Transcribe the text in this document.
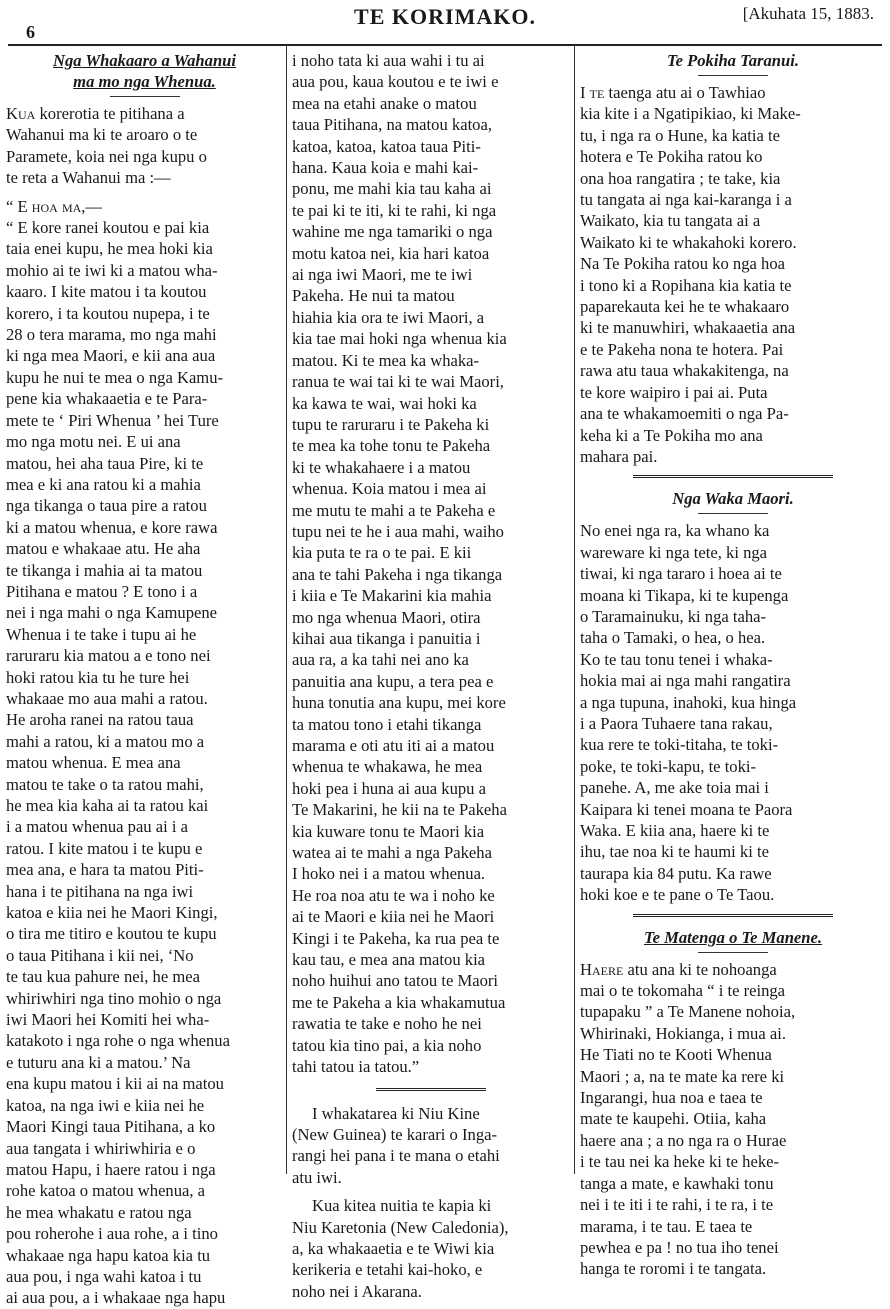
6
TE KORIMAKO.	[Akuhata 15, 1883.
Nga Whakaaro a Wahanui
ma mo nga Whenua.

Kua korerotia te pitihana a
Wahanui ma ki te aroaro o te
Paramete, koia nei nga kupu o
te reta a Wahanui ma :—

“ E hoa ma,—

“ E kore ranei koutou e pai kia
taia enei kupu, he mea hoki kia
mohio ai te iwi ki a matou wha-
kaaro. I kite matou i ta koutou
korero, i ta koutou nupepa, i te
28 o tera marama, mo nga mahi
ki nga mea Maori, e kii ana aua
kupu he nui te mea o nga Kamu-
pene kia whakaaetia e te Para-
mete te ‘ Piri Whenua ’ hei Ture
mo nga motu nei. E ui ana
matou, hei aha taua Pire, ki te
mea e ki ana ratou ki a mahia
nga tikanga o taua pire a ratou
ki a matou whenua, e kore rawa
matou e whakaae atu. He aha
te tikanga i mahia ai ta matou
Pitihana e matou ? E tono i a
nei i nga mahi o nga Kamupene
Whenua i te take i tupu ai he
raruraru kia matou a e tono nei
hoki ratou kia tu he ture hei
whakaae mo aua mahi a ratou.
He aroha ranei na ratou taua
mahi a ratou, ki a matou mo a
matou whenua. E mea ana
matou te take o ta ratou mahi,
he mea kia kaha ai ta ratou kai
i a matou whenua pau ai i a
ratou. I kite matou i te kupu e
mea ana, e hara ta matou Piti-
hana i te pitihana na nga iwi
katoa e kiia nei he Maori Kingi,
o tira me titiro e koutou te kupu
o taua Pitihana i kii nei, ‘No
te tau kua pahure nei, he mea
whiriwhiri nga tino mohio o nga
iwi Maori hei Komiti hei wha-
katakoto i nga rohe o nga whenua
e tuturu ana ki a matou.’ Na
ena kupu matou i kii ai na matou
katoa, na nga iwi e kiia nei he
Maori Kingi taua Pitihana, a ko
aua tangata i whiriwhiria e o
matou Hapu, i haere ratou i nga
rohe katoa o matou whenua, a
he mea whakatu e ratou nga
pou roherohe i aua rohe, a i tino
whakaae nga hapu katoa kia tu
aua pou, i nga wahi katoa i tu
ai aua pou, a i whakaae nga hapu

i noho tata ki aua wahi i tu ai
aua pou, kaua koutou e te iwi e
mea na etahi anake o matou
taua Pitihana, na matou katoa,
katoa, katoa, katoa taua Piti-
hana. Kaua koia e mahi kai-
ponu, me mahi kia tau kaha ai
te pai ki te iti, ki te rahi, ki nga
wahine me nga tamariki o nga
motu katoa nei, kia hari katoa
ai nga iwi Maori, me te iwi
Pakeha. He nui ta matou
hiahia kia ora te iwi Maori, a
kia tae mai hoki nga whenua kia
matou. Ki te mea ka whaka-
ranua te wai tai ki te wai Maori,
ka kawa te wai, wai hoki ka
tupu te raruraru i te Pakeha ki
te mea ka tohe tonu te Pakeha
ki te whakahaere i a matou
whenua. Koia matou i mea ai
me mutu te mahi a te Pakeha e
tupu nei te he i aua mahi, waiho
kia puta te ra o te pai. E kii
ana te tahi Pakeha i nga tikanga
i kiia e Te Makarini kia mahia
mo nga whenua Maori, otira
kihai aua tikanga i panuitia i
aua ra, a ka tahi nei ano ka
panuitia ana kupu, a tera pea e
huna tonutia ana kupu, mei kore
ta matou tono i etahi tikanga
marama e oti atu iti ai a matou
whenua te whakawa, he mea
hoki pea i huna ai aua kupu a
Te Makarini, he kii na te Pakeha
kia kuware tonu te Maori kia
watea ai te mahi a nga Pakeha
I hoko nei i a matou whenua.
He roa noa atu te wa i noho ke
ai te Maori e kiia nei he Maori
Kingi i te Pakeha, ka rua pea te
kau tau, e mea ana matou kia
noho huihui ano tatou te Maori
me te Pakeha a kia whakamutua
rawatia te take e noho he nei
tatou kia tino pai, a kia noho
tahi tatou ia tatou.”

I whakatarea ki Niu Kine
(New Guinea) te karari o Inga-
rangi hei pana i te mana o etahi
atu iwi.

Kua kitea nuitia te kapia ki
Niu Karetonia (New Caledonia),
a, ka whakaaetia e te Wiwi kia
kerikeria e tetahi kai-hoko, e
noho nei i Akarana.

Te Pokiha Taranui.

I te taenga atu ai o Tawhiao
kia kite i a Ngatipikiao, ki Make-
tu, i nga ra o Hune, ka katia te
hotera e Te Pokiha ratou ko
ona hoa rangatira ; te take, kia
tu tangata ai nga kai-karanga i a
Waikato, kia tu tangata ai a
Waikato ki te whakahoki korero.
Na Te Pokiha ratou ko nga hoa
i tono ki a Ropihana kia katia te
paparekauta kei he te whakaaro
ki te manuwhiri, whakaaetia ana
e te Pakeha nona te hotera. Pai
rawa atu taua whakakitenga, na
te kore waipiro i pai ai. Puta
ana te whakamoemiti o nga Pa-
keha ki a Te Pokiha mo ana
mahara pai.

Nga Waka Maori.

No enei nga ra, ka whano ka
wareware ki nga tete, ki nga
tiwai, ki nga tararo i hoea ai te
moana ki Tikapa, ki te kupenga
o Taramainuku, ki nga taha-
taha o Tamaki, o hea, o hea.
Ko te tau tonu tenei i whaka-
hokia mai ai nga mahi rangatira
a nga tupuna, inahoki, kua hinga
i a Paora Tuhaere tana rakau,
kua rere te toki-titaha, te toki-
poke, te toki-kapu, te toki-
panehe. A, me ake toia mai i
Kaipara ki tenei moana te Paora
Waka. E kiia ana, haere ki te
ihu, tae noa ki te haumi ki te
taurapa kia 84 putu. Ka rawe
hoki koe e te pane o Te Taou.

Te Matenga o Te Manene.

Haere atu ana ki te nohoanga
mai o te tokomaha “ i te reinga
tupapaku ” a Te Manene nohoia,
Whirinaki, Hokianga, i mua ai.
He Tiati no te Kooti Whenua
Maori ; a, na te mate ka rere ki
Ingarangi, hua noa e taea te
mate te kaupehi. Otiia, kaha
haere ana ; a no nga ra o Hurae
i te tau nei ka heke ki te heke-
tanga a mate, e kawhaki tonu
nei i te iti i te rahi, i te ra, i te
marama, i te tau. E taea te
pewhea e pa ! no tua iho tenei
hanga te roromi i te tangata.
